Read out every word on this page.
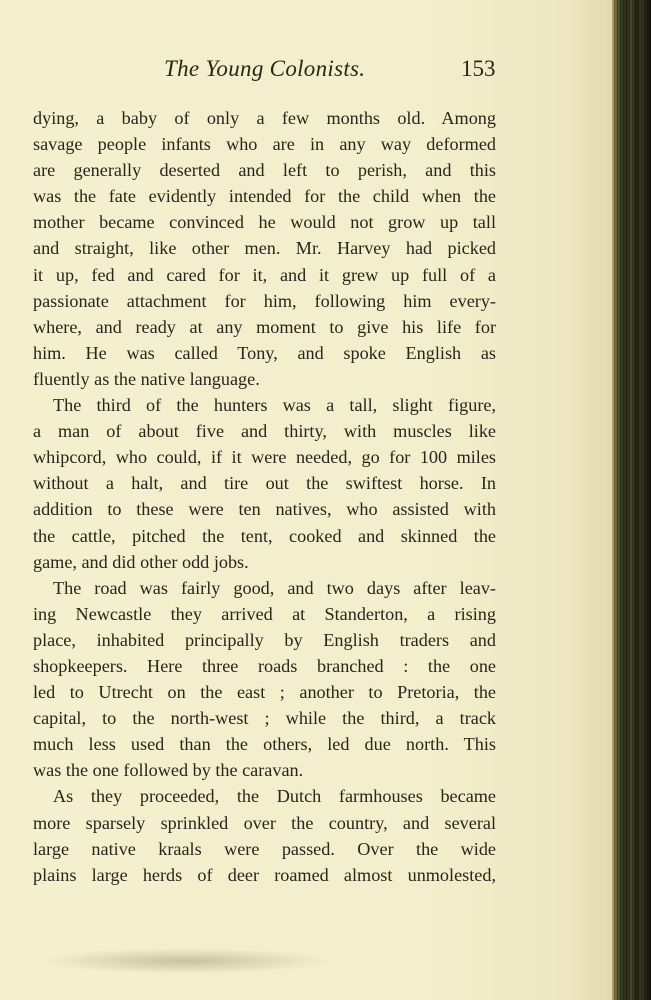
The Young Colonists.	153
dying, a baby of only a few months old. Among
savage people infants who are in any way deformed
are generally deserted and left to perish, and this
was the fate evidently intended for the child when the
mother became convinced he would not grow up tall
and straight, like other men. Mr. Harvey had picked
it up, fed and cared for it, and it grew up full of a
passionate attachment for him, following him every-
where, and ready at any moment to give his life for
him. He was called Tony, and spoke English as
fluently as the native language.
The third of the hunters was a tall, slight figure,
a man of about five and thirty, with muscles like
whipcord, who could, if it were needed, go for 100 miles
without a halt, and tire out the swiftest horse. In
addition to these were ten natives, who assisted with
the cattle, pitched the tent, cooked and skinned the
game, and did other odd jobs.
The road was fairly good, and two days after leav-
ing Newcastle they arrived at Standerton, a rising
place, inhabited principally by English traders and
shopkeepers. Here three roads branched : the one
led to Utrecht on the east ; another to Pretoria, the
capital, to the north-west ; while the third, a track
much less used than the others, led due north. This
was the one followed by the caravan.
As they proceeded, the Dutch farmhouses became
more sparsely sprinkled over the country, and several
large native kraals were passed. Over the wide
plains large herds of deer roamed almost unmolested,
